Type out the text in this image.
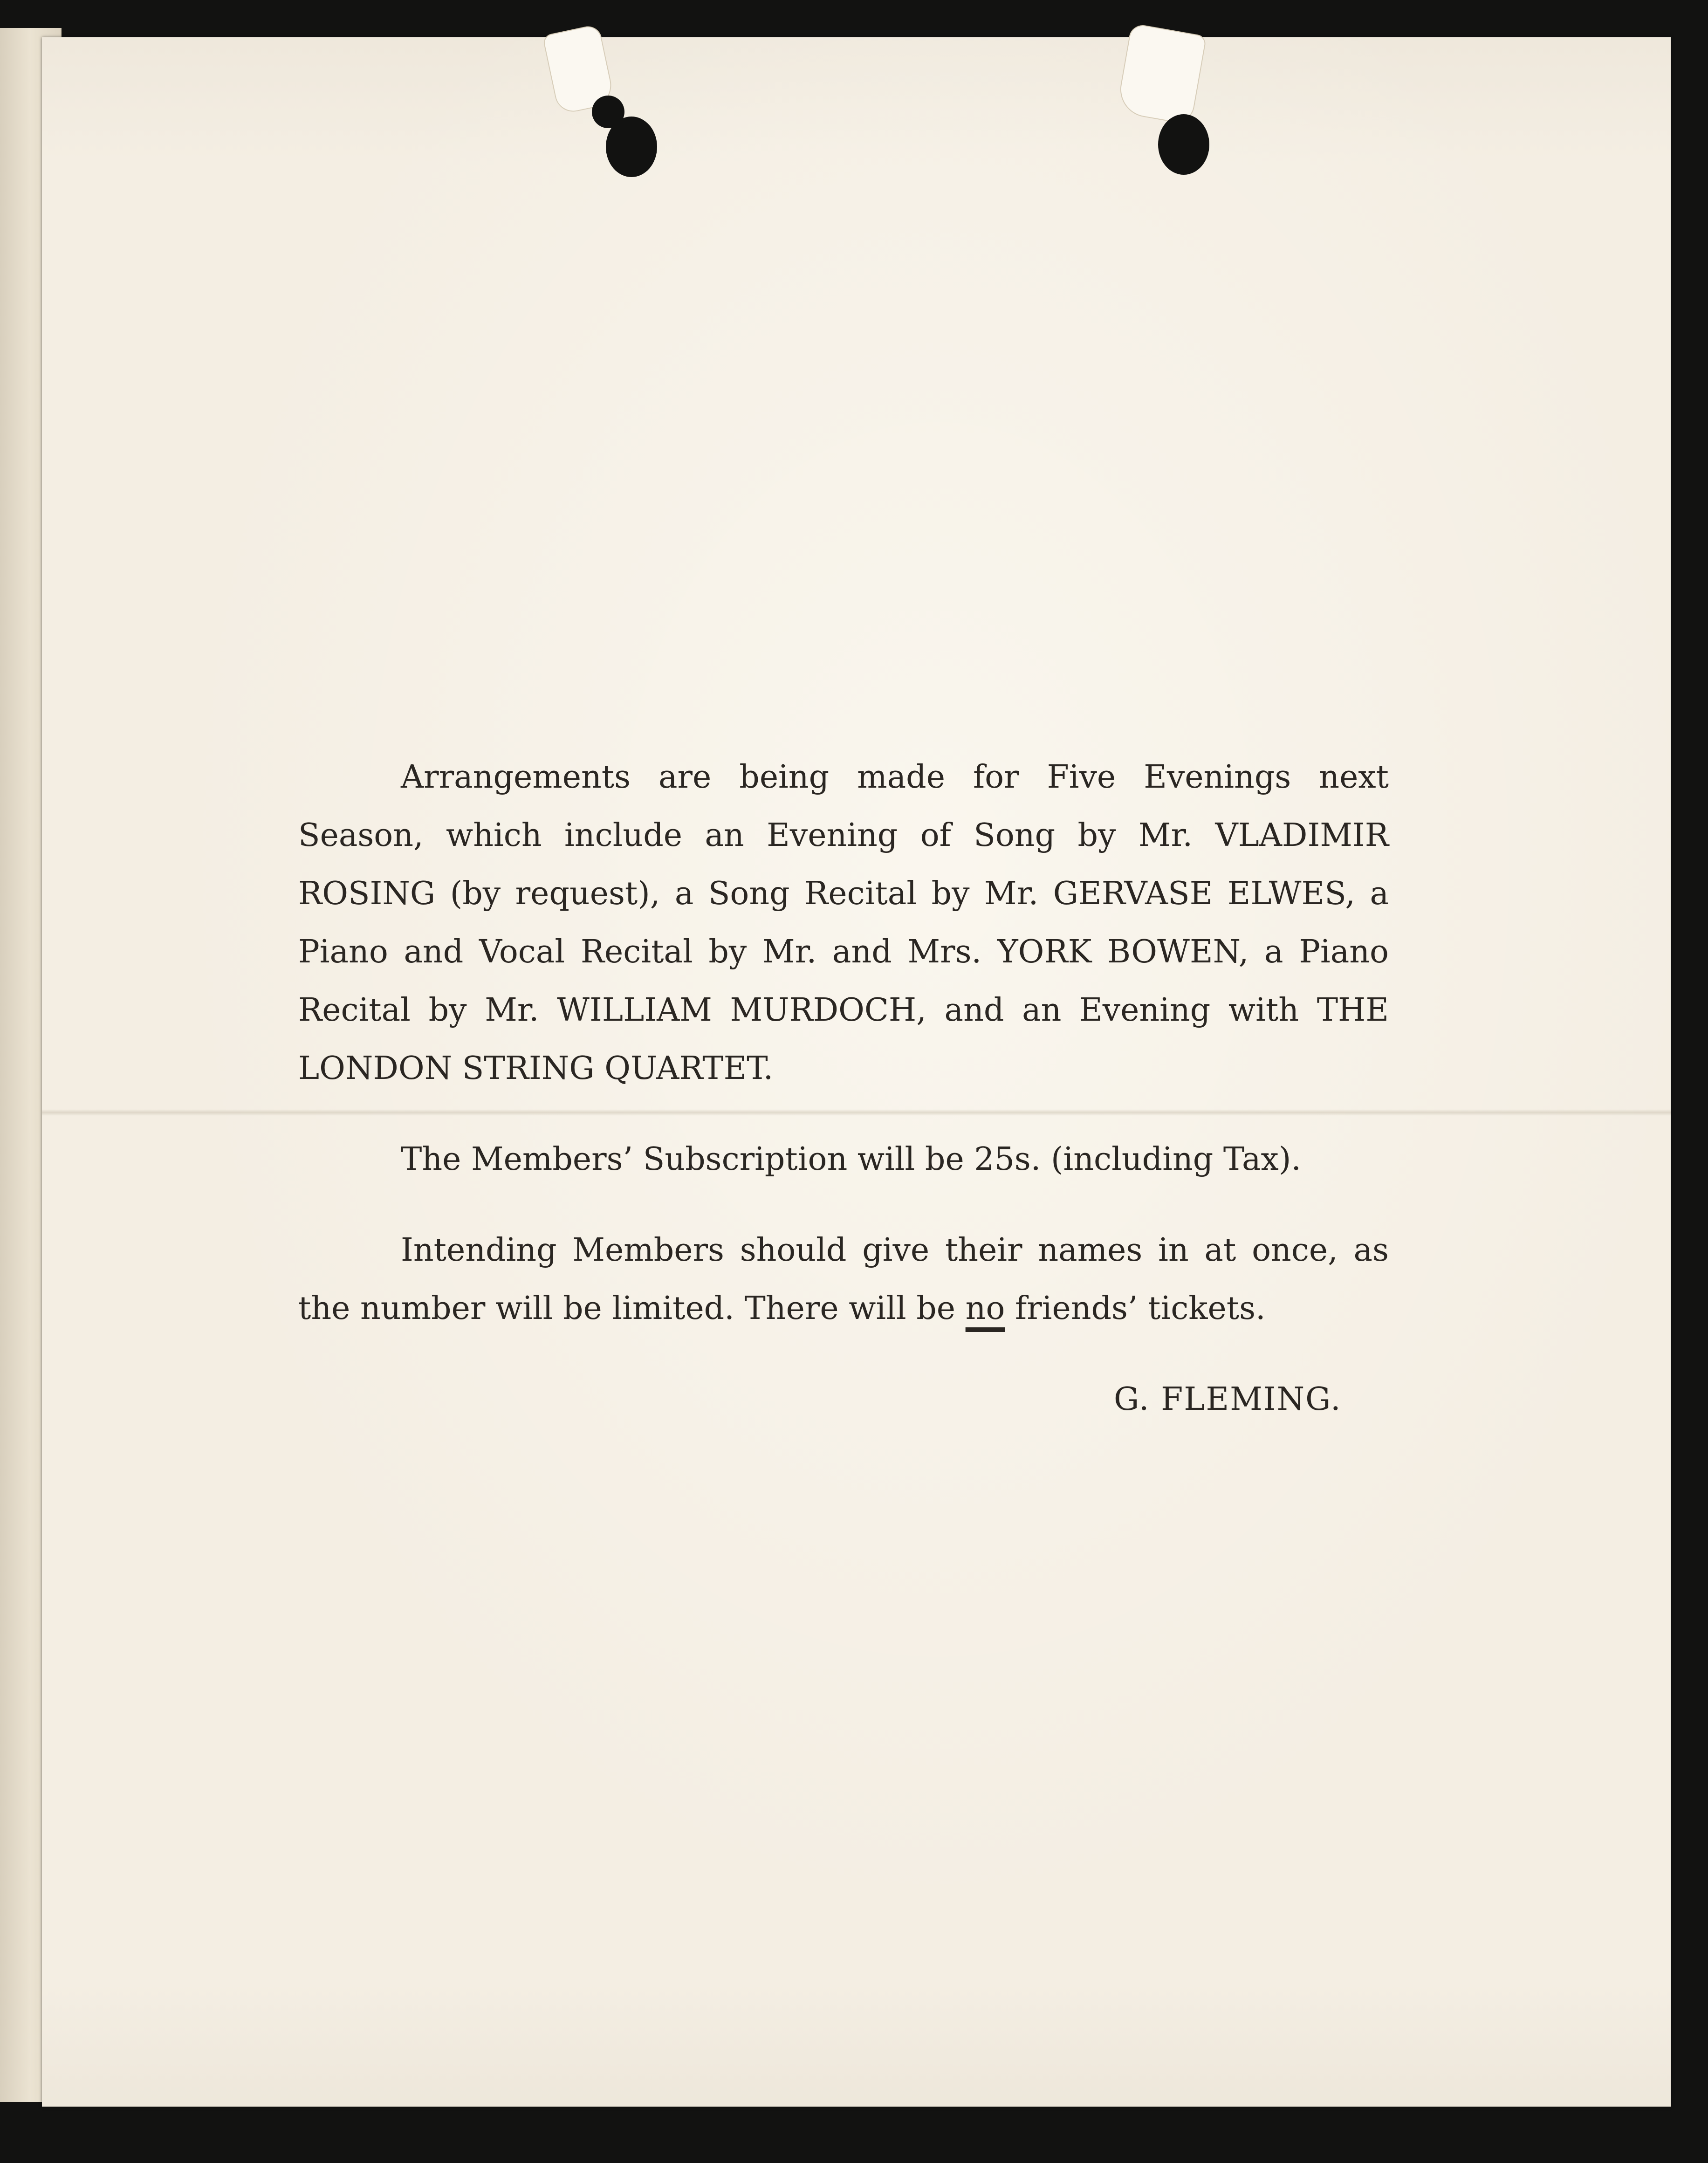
Arrangements are being made for Five Evenings next Season, which include an Evening of Song by Mr. VLADIMIR ROSING (by request), a Song Recital by Mr. GERVASE ELWES, a Piano and Vocal Recital by Mr. and Mrs. YORK BOWEN, a Piano Recital by Mr. WILLIAM MURDOCH, and an Evening with THE LONDON STRING QUARTET.

The Members’ Subscription will be 25s. (including Tax).

Intending Members should give their names in at once, as the number will be limited. There will be no friends’ tickets.

G. FLEMING.
